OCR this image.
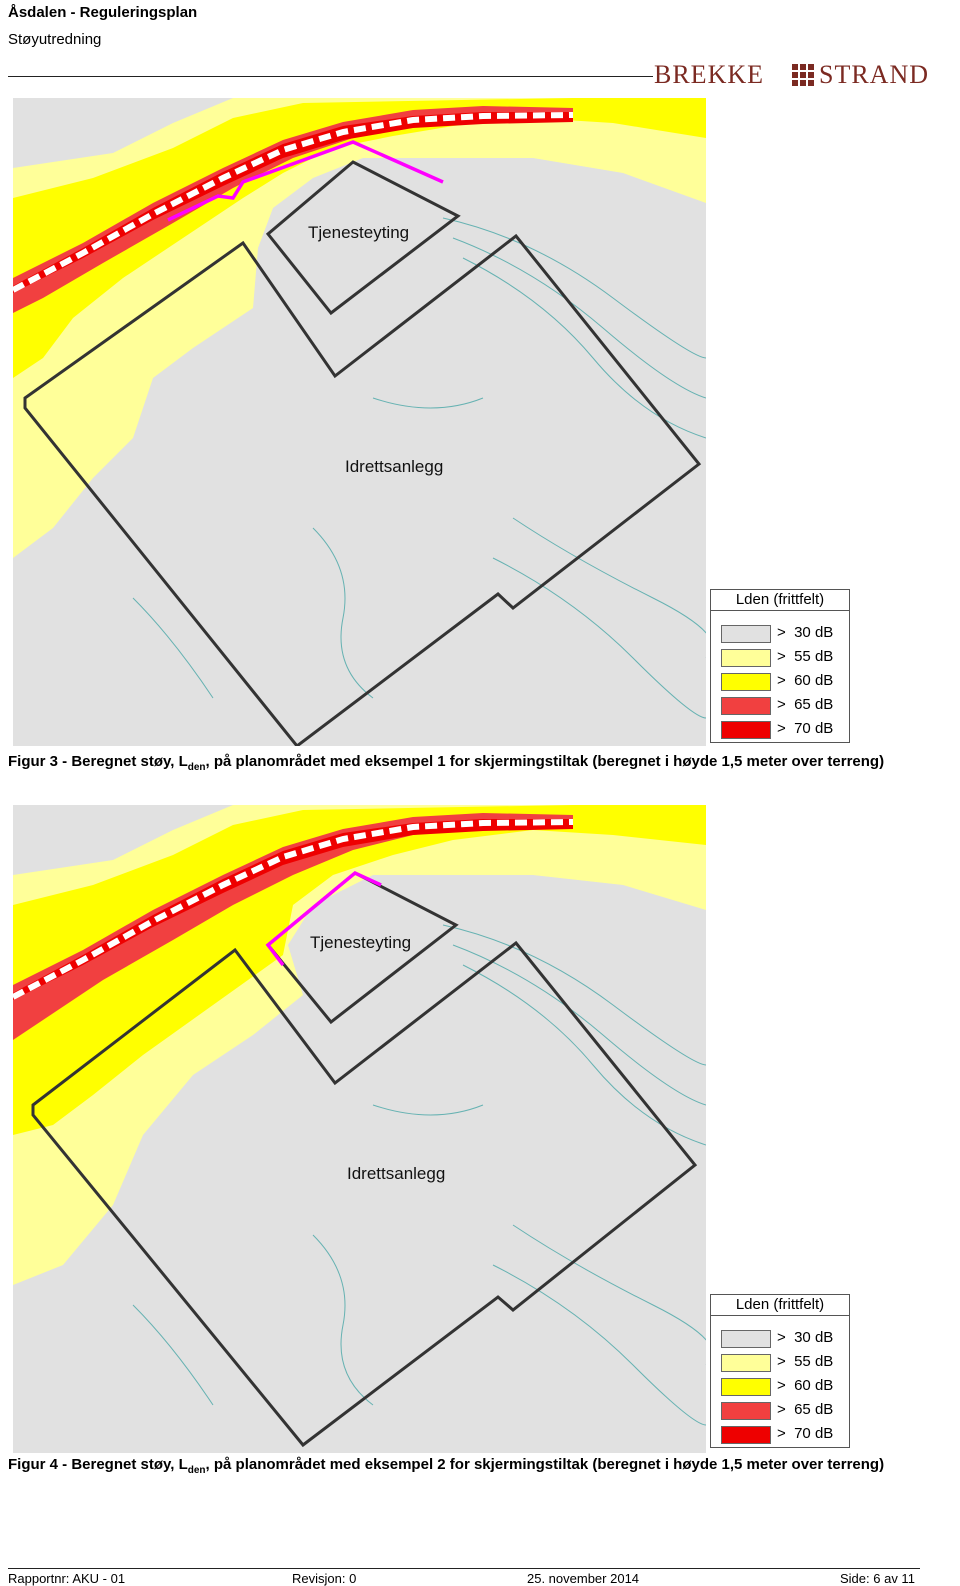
Åsdalen - Reguleringsplan
Støyutredning
BREKKE STRAND
Tjenesteyting
Idrettsanlegg
Lden (frittfelt)
>  30 dB
>  55 dB
>  60 dB
>  65 dB
>  70 dB
Figur 3 - Beregnet støy, $L_{den}$, på planområdet med eksempel 1 for skjermingstiltak (beregnet i høyde 1,5 meter over terreng)
Tjenesteyting
Idrettsanlegg
Lden (frittfelt)
>  30 dB
>  55 dB
>  60 dB
>  65 dB
>  70 dB
Figur 4 - Beregnet støy, $L_{den}$, på planområdet med eksempel 2 for skjermingstiltak (beregnet i høyde 1,5 meter over terreng)
Rapportnr: AKU - 01	Revisjon: 0	25. november 2014	Side: 6 av 11
